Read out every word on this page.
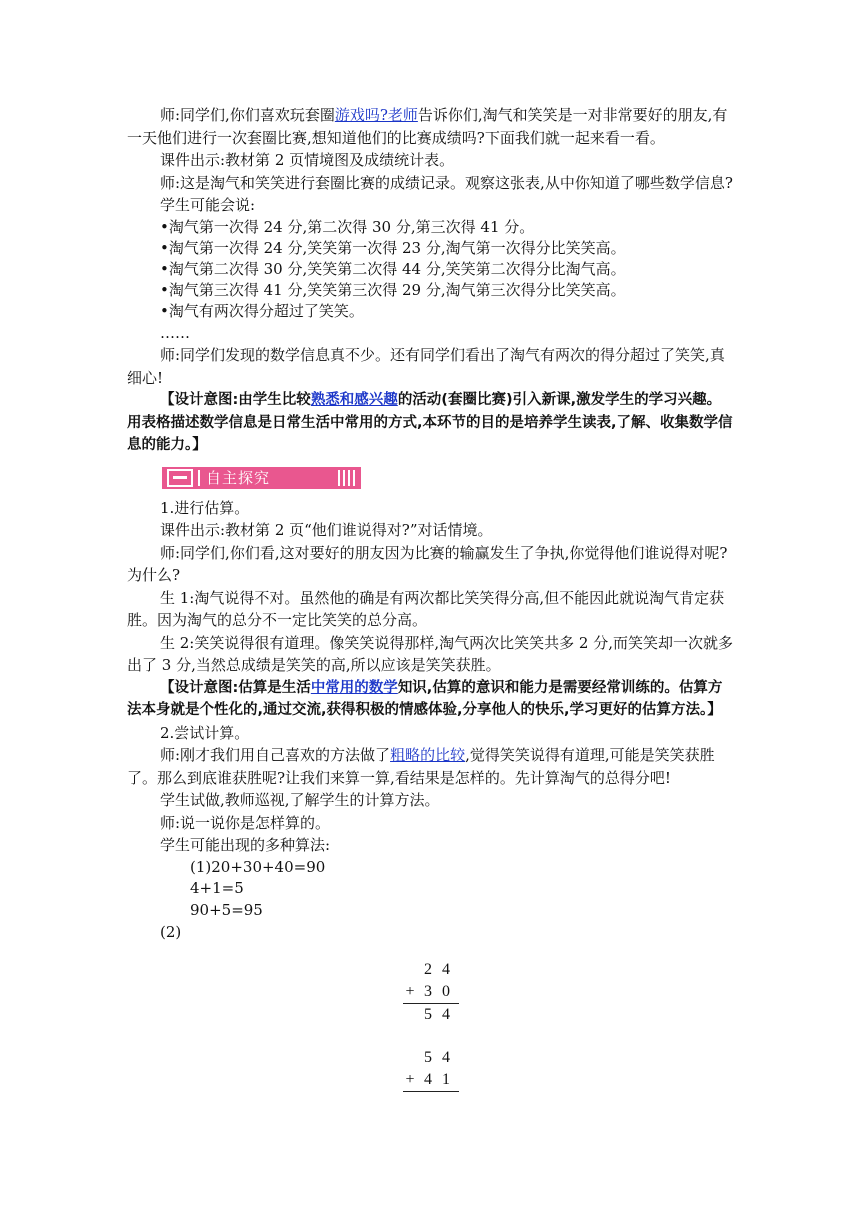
师:同学们,你们喜欢玩套圈游戏吗?老师告诉你们,淘气和笑笑是一对非常要好的朋友,有一天他们进行一次套圈比赛,想知道他们的比赛成绩吗?下面我们就一起来看一看。

课件出示:教材第 2 页情境图及成绩统计表。

师:这是淘气和笑笑进行套圈比赛的成绩记录。观察这张表,从中你知道了哪些数学信息?

学生可能会说:

•淘气第一次得 24 分,第二次得 30 分,第三次得 41 分。

•淘气第一次得 24 分,笑笑第一次得 23 分,淘气第一次得分比笑笑高。

•淘气第二次得 30 分,笑笑第二次得 44 分,笑笑第二次得分比淘气高。

•淘气第三次得 41 分,笑笑第三次得 29 分,淘气第三次得分比笑笑高。

•淘气有两次得分超过了笑笑。

……

师:同学们发现的数学信息真不少。还有同学们看出了淘气有两次的得分超过了笑笑,真细心!

【设计意图:由学生比较熟悉和感兴趣的活动(套圈比赛)引入新课,激发学生的学习兴趣。用表格描述数学信息是日常生活中常用的方式,本环节的目的是培养学生读表,了解、收集数学信息的能力。】

自主探究

1.进行估算。

课件出示:教材第 2 页“他们谁说得对?”对话情境。

师:同学们,你们看,这对要好的朋友因为比赛的输赢发生了争执,你觉得他们谁说得对呢?为什么?

生 1:淘气说得不对。虽然他的确是有两次都比笑笑得分高,但不能因此就说淘气肯定获胜。因为淘气的总分不一定比笑笑的总分高。

生 2:笑笑说得很有道理。像笑笑说得那样,淘气两次比笑笑共多 2 分,而笑笑却一次就多出了 3 分,当然总成绩是笑笑的高,所以应该是笑笑获胜。

【设计意图:估算是生活中常用的数学知识,估算的意识和能力是需要经常训练的。估算方法本身就是个性化的,通过交流,获得积极的情感体验,分享他人的快乐,学习更好的估算方法。】

2.尝试计算。

师:刚才我们用自己喜欢的方法做了粗略的比较,觉得笑笑说得有道理,可能是笑笑获胜了。那么到底谁获胜呢?让我们来算一算,看结果是怎样的。先计算淘气的总得分吧!

学生试做,教师巡视,了解学生的计算方法。

师:说一说你是怎样算的。

学生可能出现的多种算法:

(1)20+30+40=90

4+1=5

90+5=95

(2)

2 4
+ 3 0
5 4
5 4
+ 4 1
